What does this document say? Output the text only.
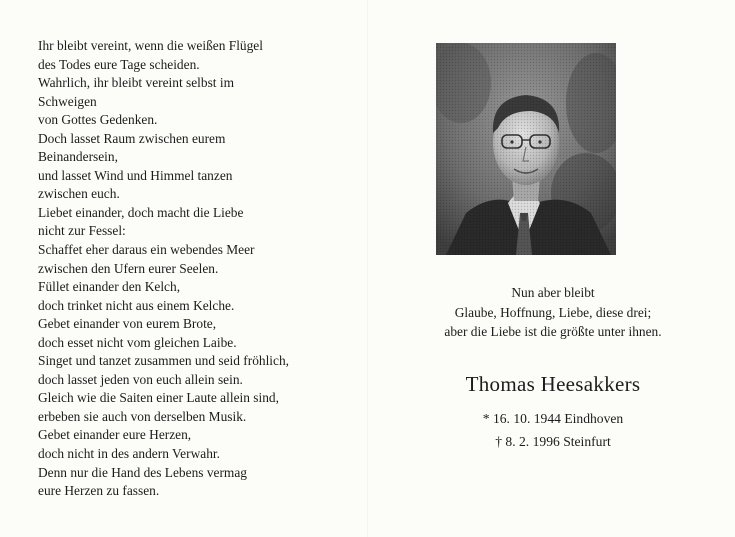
Ihr bleibt vereint, wenn die weißen Flügel
des Todes eure Tage scheiden.
Wahrlich, ihr bleibt vereint selbst im
Schweigen
von Gottes Gedenken.
Doch lasset Raum zwischen eurem
Beinandersein,
und lasset Wind und Himmel tanzen
zwischen euch.
Liebet einander, doch macht die Liebe
nicht zur Fessel:
Schaffet eher daraus ein webendes Meer
zwischen den Ufern eurer Seelen.
Füllet einander den Kelch,
doch trinket nicht aus einem Kelche.
Gebet einander von eurem Brote,
doch esset nicht vom gleichen Laibe.
Singet und tanzet zusammen und seid fröhlich,
doch lasset jeden von euch allein sein.
Gleich wie die Saiten einer Laute allein sind,
erbeben sie auch von derselben Musik.
Gebet einander eure Herzen,
doch nicht in des andern Verwahr.
Denn nur die Hand des Lebens vermag
eure Herzen zu fassen.
Nun aber bleibt
Glaube, Hoffnung, Liebe, diese drei;
aber die Liebe ist die größte unter ihnen.
Thomas Heesakkers
* 16. 10. 1944 Eindhoven
† 8. 2. 1996 Steinfurt
